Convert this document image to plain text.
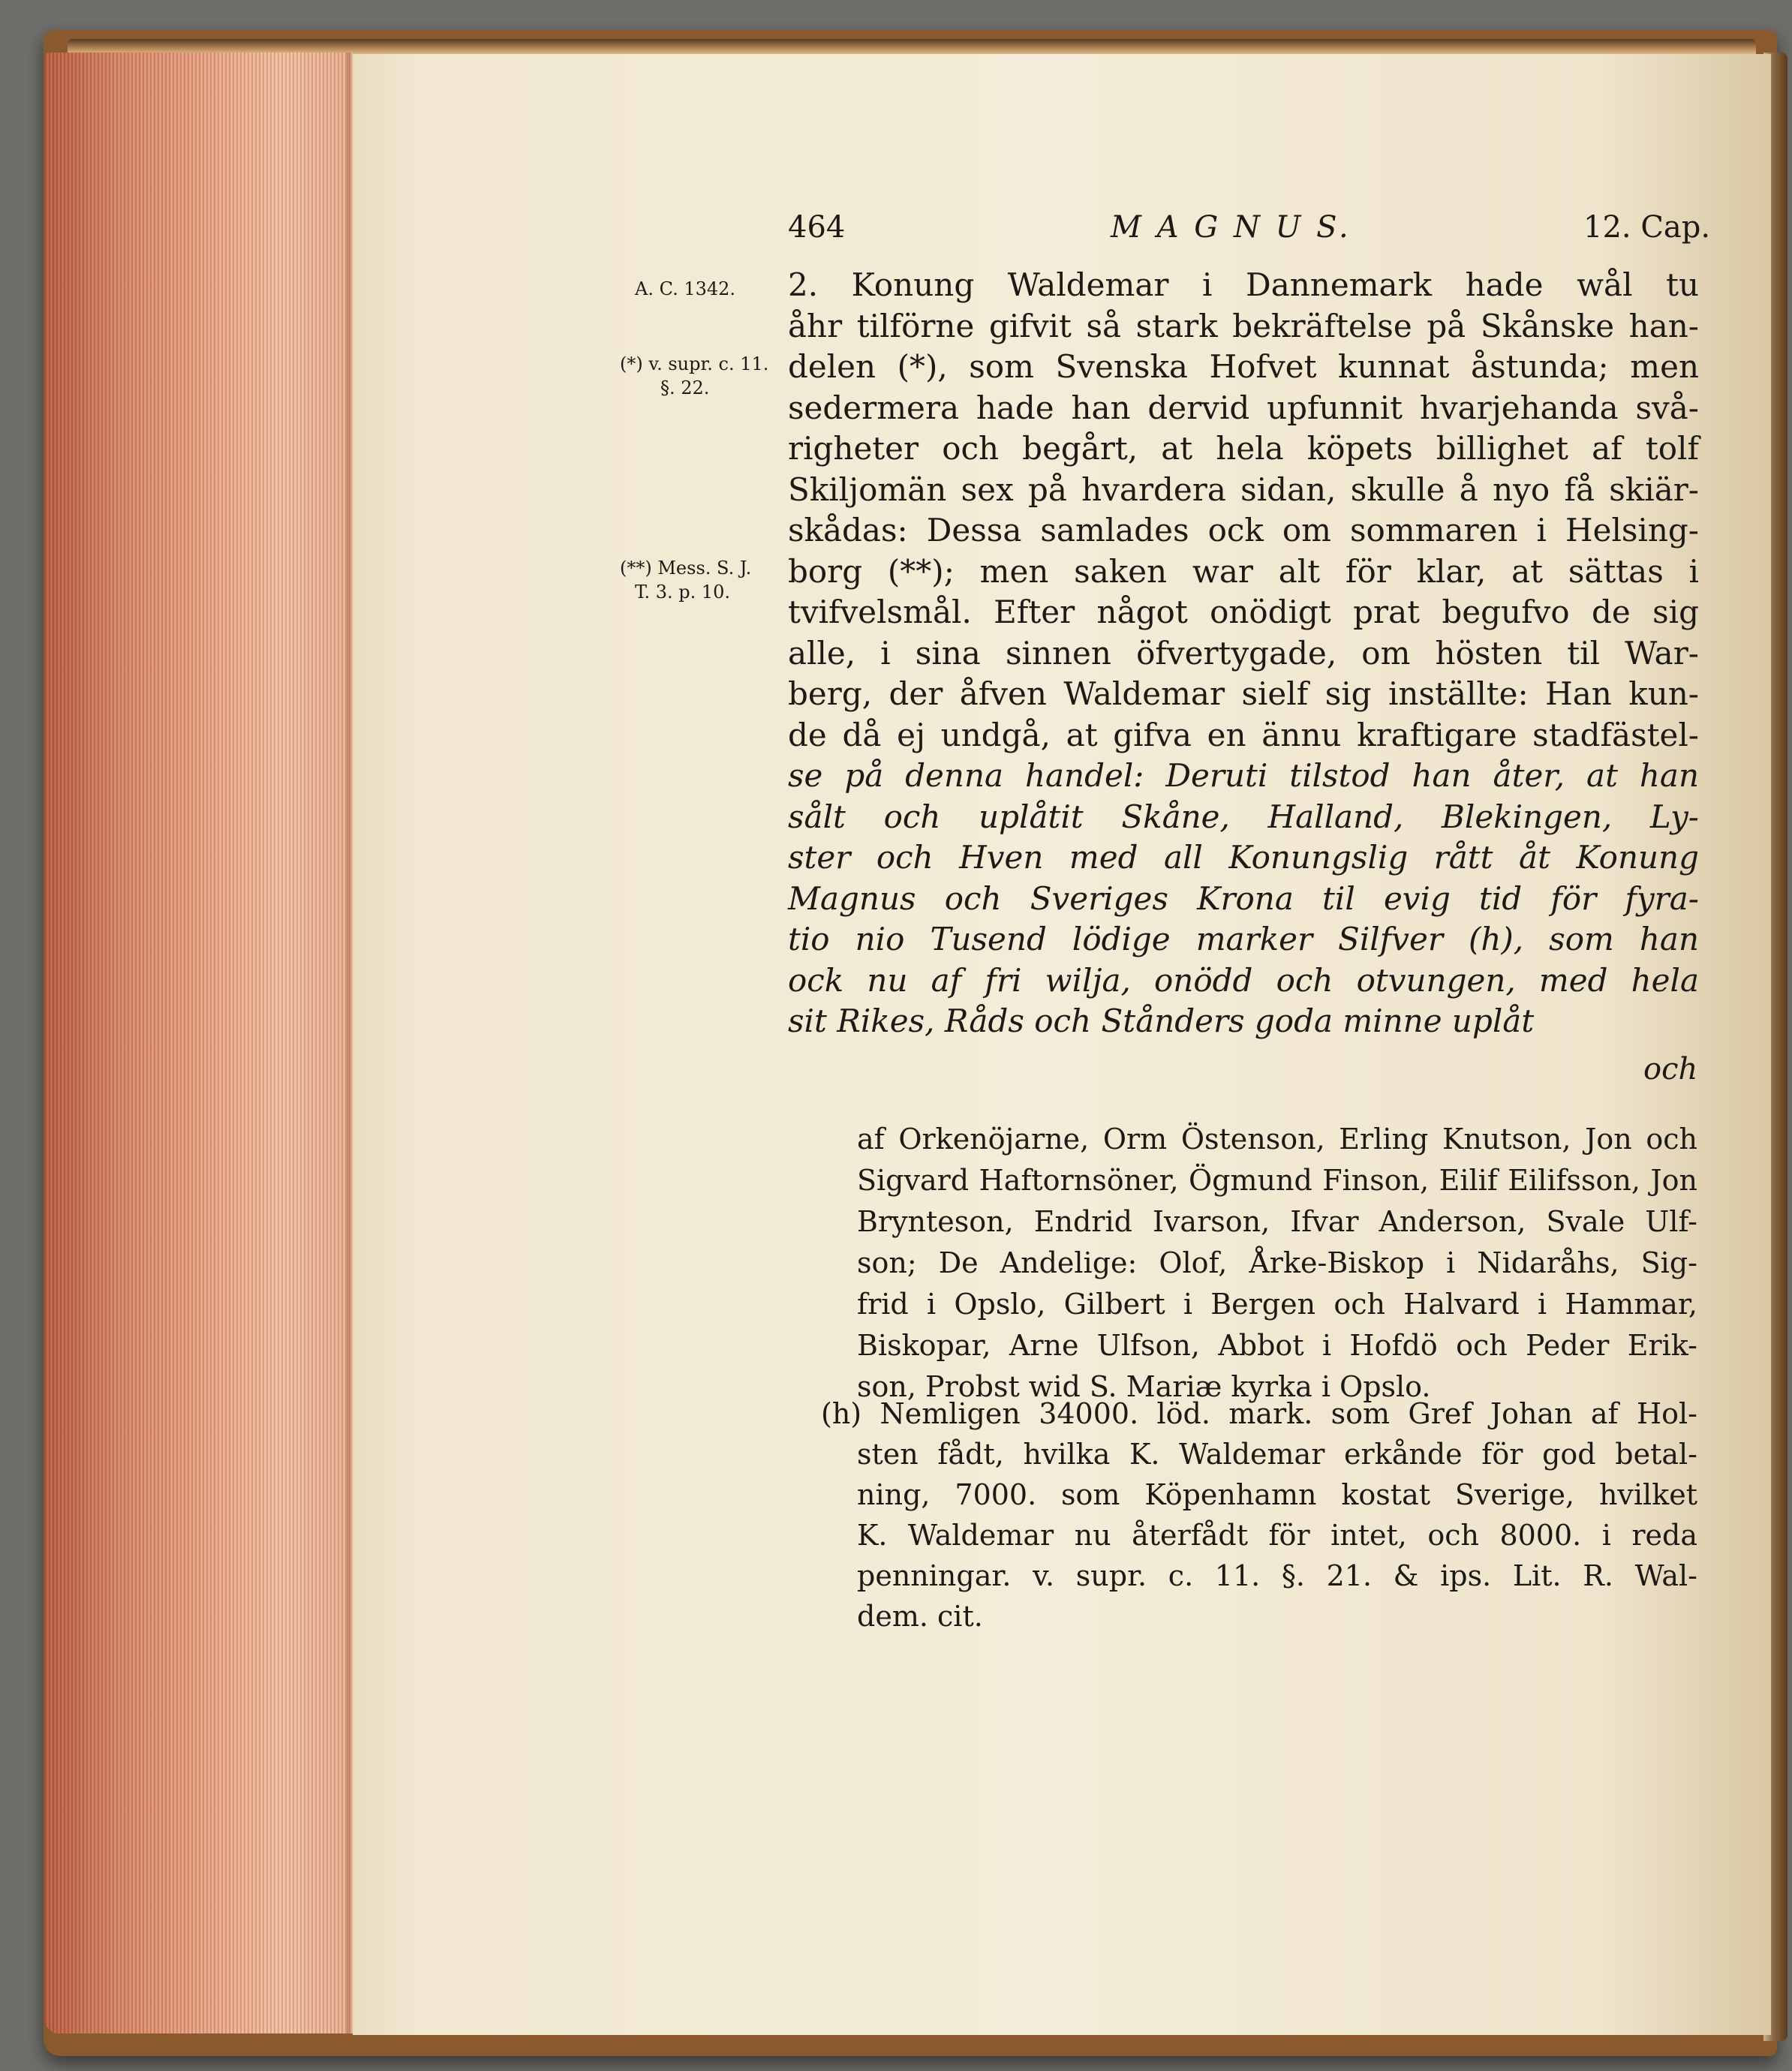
464	M A G N U S.	12. Cap.
A. C. 1342.
(*) v. supr. c. 11.
§. 22.
(**) Mess. S. J.
T. 3. p. 10.
2. Konung Waldemar i Dannemark hade wål tu
åhr tilförne gifvit så stark bekräftelse på Skånske han-
delen (*), som Svenska Hofvet kunnat åstunda; men
sedermera hade han dervid upfunnit hvarjehanda svå-
righeter och begårt, at hela köpets billighet af tolf
Skiljomän sex på hvardera sidan, skulle å nyo få skiär-
skådas: Dessa samlades ock om sommaren i Helsing-
borg (**); men saken war alt för klar, at sättas i
tvifvelsmål. Efter något onödigt prat begufvo de sig
alle, i sina sinnen öfvertygade, om hösten til War-
berg, der åfven Waldemar sielf sig inställte: Han kun-
de då ej undgå, at gifva en ännu kraftigare stadfästel-
se på denna handel: Deruti tilstod han åter, at han
sålt och uplåtit Skåne, Halland, Blekingen, Ly-
ster och Hven med all Konungslig rått åt Konung
Magnus och Sveriges Krona til evig tid för fyra-
tio nio Tusend lödige marker Silfver (h), som han
ock nu af fri wilja, onödd och otvungen, med hela
sit Rikes, Råds och Stånders goda minne uplåt
och
af Orkenöjarne, Orm Östenson, Erling Knutson, Jon och
Sigvard Haftornsöner, Ögmund Finson, Eilif Eilifsson, Jon
Brynteson, Endrid Ivarson, Ifvar Anderson, Svale Ulf-
son; De Andelige: Olof, Årke-Biskop i Nidaråhs, Sig-
frid i Opslo, Gilbert i Bergen och Halvard i Hammar,
Biskopar, Arne Ulfson, Abbot i Hofdö och Peder Erik-
son, Probst wid S. Mariæ kyrka i Opslo.
(h) Nemligen 34000. löd. mark. som Gref Johan af Hol-
sten fådt, hvilka K. Waldemar erkånde för god betal-
ning, 7000. som Köpenhamn kostat Sverige, hvilket
K. Waldemar nu återfådt för intet, och 8000. i reda
penningar. v. supr. c. 11. §. 21. & ips. Lit. R. Wal-
dem. cit.
